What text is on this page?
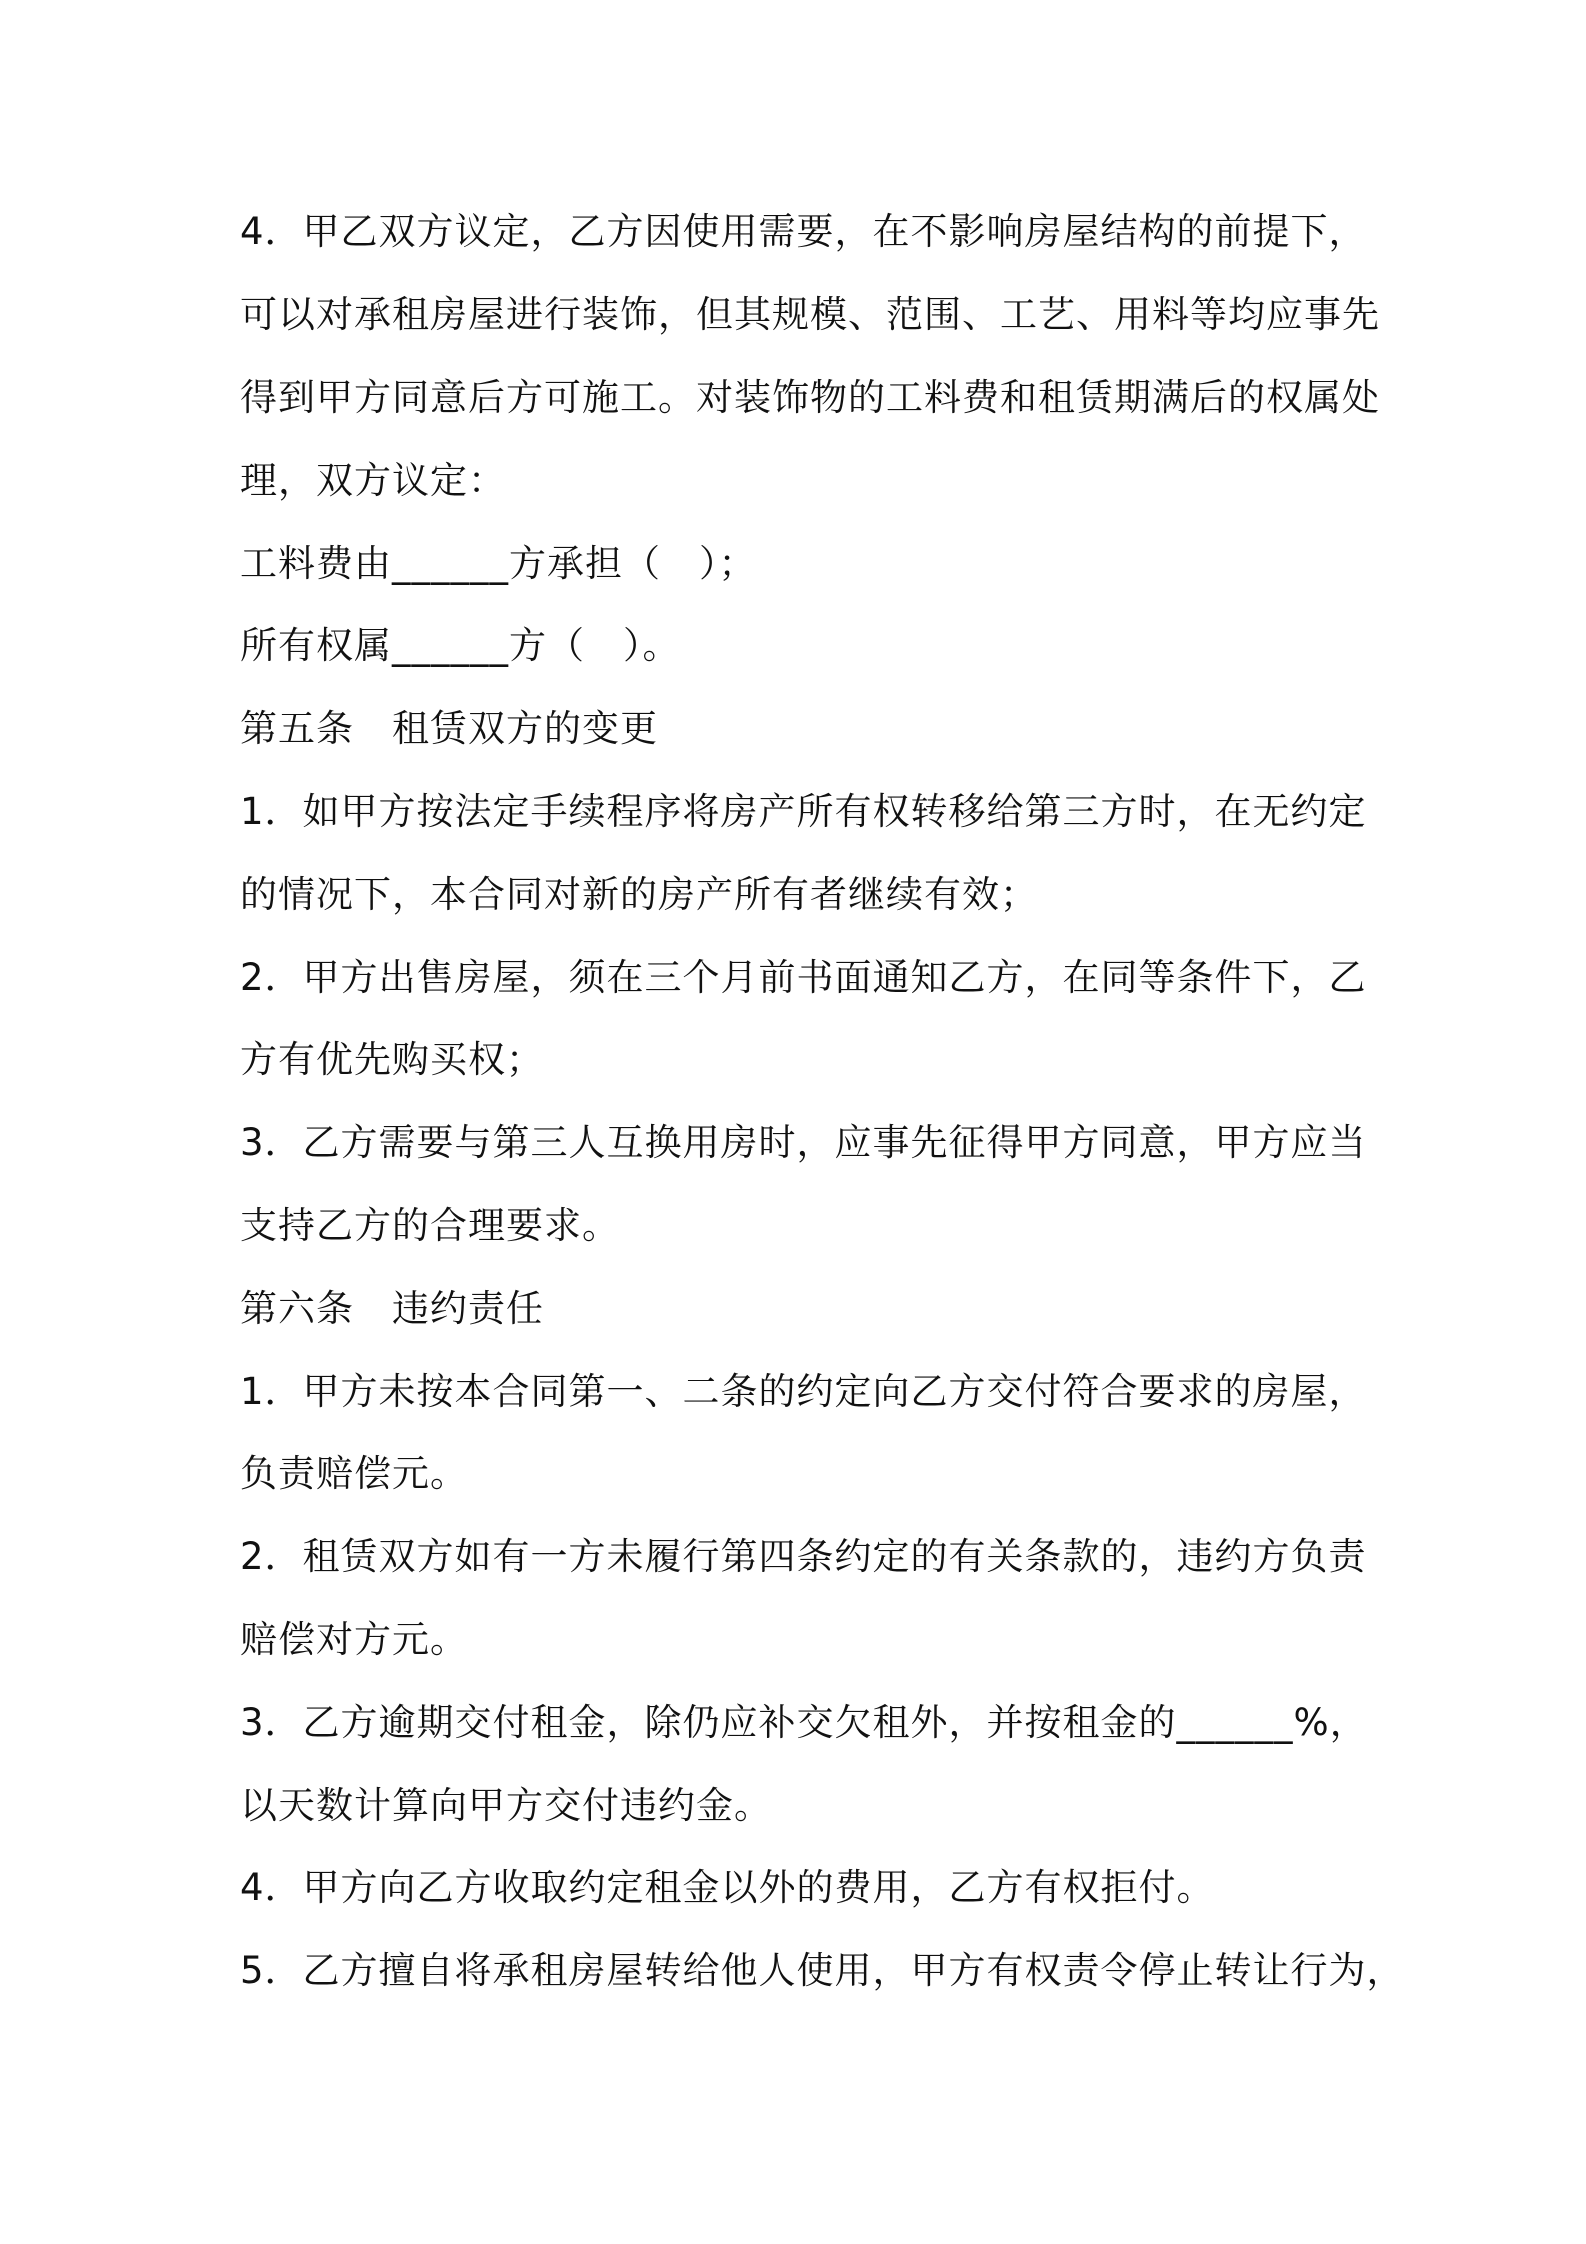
4．甲乙双方议定，乙方因使用需要，在不影响房屋结构的前提下，
可以对承租房屋进行装饰，但其规模、范围、工艺、用料等均应事先
得到甲方同意后方可施工。对装饰物的工料费和租赁期满后的权属处
理，双方议定：
工料费由______方承担（　）；
所有权属______方（　）。
第五条　租赁双方的变更
1．如甲方按法定手续程序将房产所有权转移给第三方时，在无约定
的情况下，本合同对新的房产所有者继续有效；
2．甲方出售房屋，须在三个月前书面通知乙方，在同等条件下，乙
方有优先购买权；
3．乙方需要与第三人互换用房时，应事先征得甲方同意，甲方应当
支持乙方的合理要求。
第六条　违约责任
1．甲方未按本合同第一、二条的约定向乙方交付符合要求的房屋，
负责赔偿元。
2．租赁双方如有一方未履行第四条约定的有关条款的，违约方负责
赔偿对方元。
3．乙方逾期交付租金，除仍应补交欠租外，并按租金的______%，
以天数计算向甲方交付违约金。
4．甲方向乙方收取约定租金以外的费用，乙方有权拒付。
5．乙方擅自将承租房屋转给他人使用，甲方有权责令停止转让行为，
